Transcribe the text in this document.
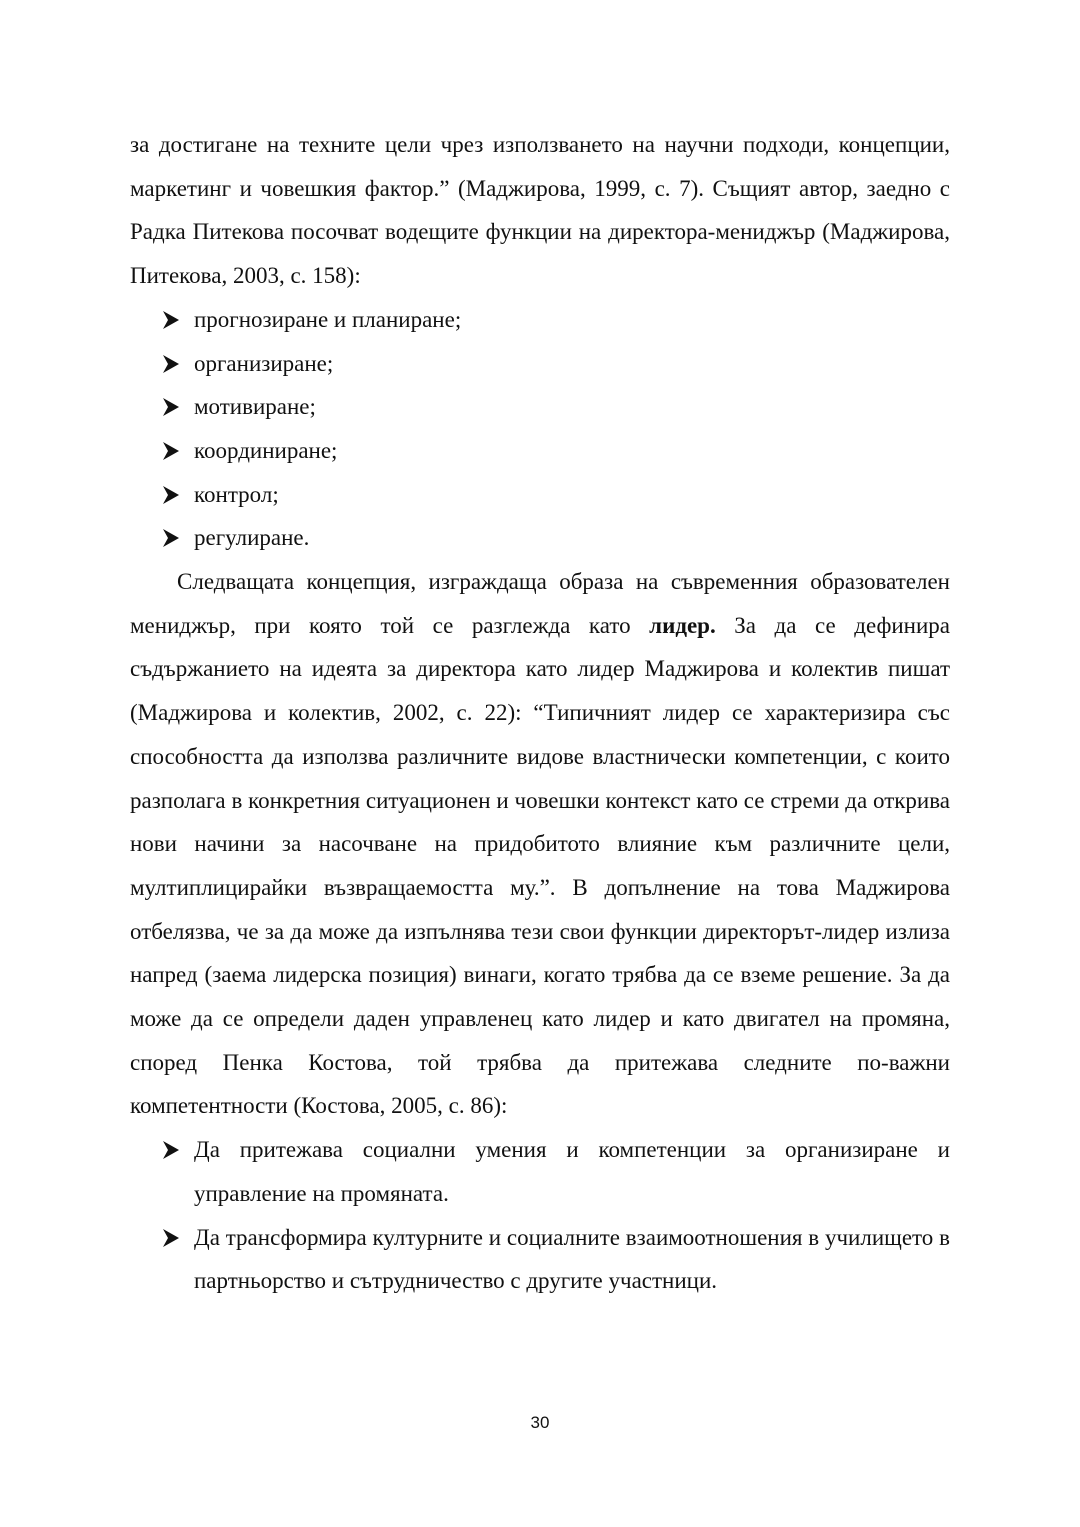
за достигане на техните цели чрез използването на научни подходи, концепции, маркетинг и човешкия фактор.” (Маджирова, 1999, с. 7). Същият автор, заедно с Радка Питекова посочват водещите функции на директора-мениджър (Маджирова, Питекова, 2003, с. 158):

прогнозиране и планиране;
организиране;
мотивиране;
координиране;
контрол;
регулиране.

Следващата концепция, изграждаща образа на съвременния образователен мениджър, при която той се разглежда като лидер. За да се дефинира съдържанието на идеята за директора като лидер Маджирова и колектив пишат (Маджирова и колектив, 2002, с. 22): “Типичният лидер се характеризира със способността да използва различните видове властнически компетенции, с които разполага в конкретния ситуационен и човешки контекст като се стреми да открива нови начини за насочване на придобитото влияние към различните цели, мултиплицирайки възвращаемостта му.”. В допълнение на това Маджирова отбелязва, че за да може да изпълнява тези свои функции директорът-лидер излиза напред (заема лидерска позиция) винаги, когато трябва да се вземе решение. За да може да се определи даден управленец като лидер и като двигател на промяна, според Пенка Костова, той трябва да притежава следните по-важни компетентности (Костова, 2005, с. 86):

Да притежава социални умения и компетенции за организиране и управление на промяната.
Да трансформира културните и социалните взаимоотношения в училището в партньорство и сътрудничество с другите участници.
30
